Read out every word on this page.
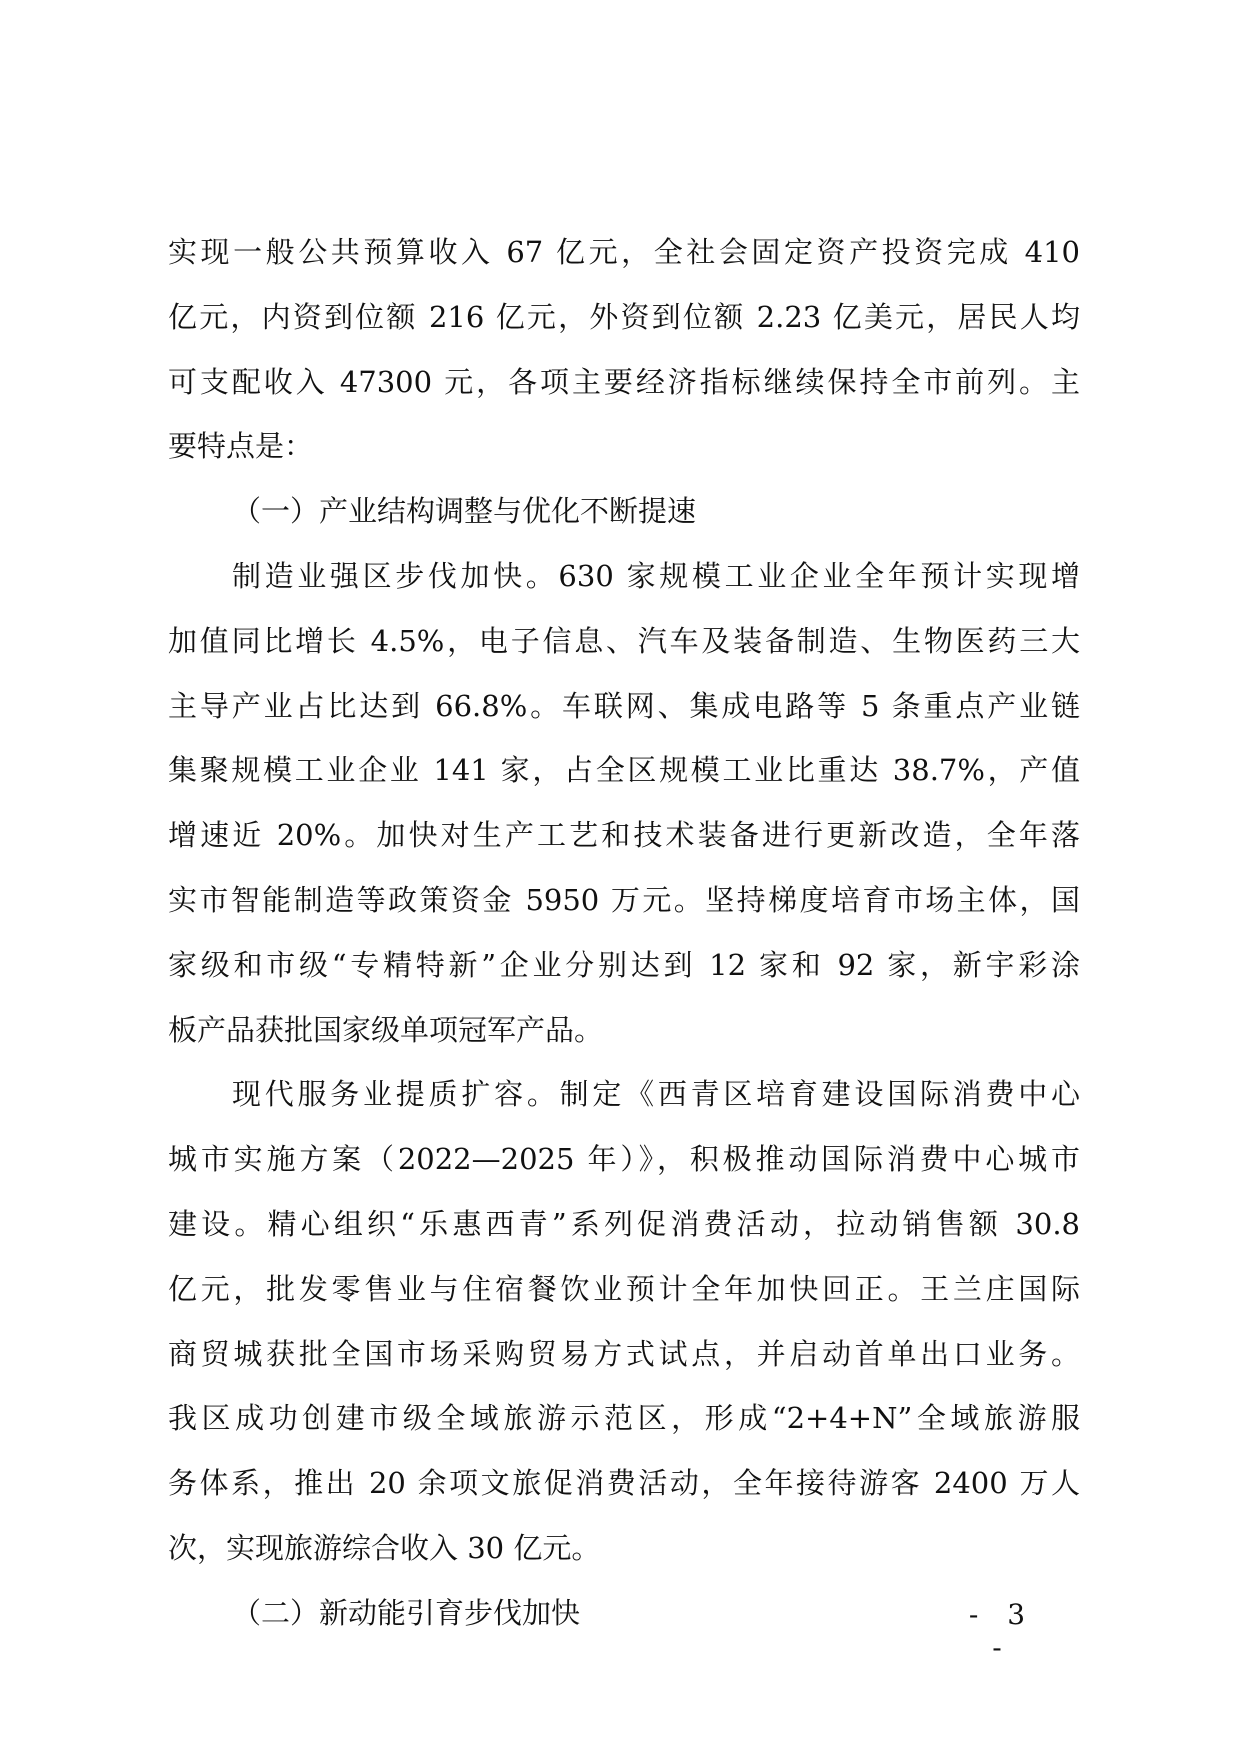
实现一般公共预算收入 67 亿元，全社会固定资产投资完成 410
亿元，内资到位额 216 亿元，外资到位额 2.23 亿美元，居民人均
可支配收入 47300 元，各项主要经济指标继续保持全市前列。主
要特点是：
（一）产业结构调整与优化不断提速
制造业强区步伐加快。630 家规模工业企业全年预计实现增
加值同比增长 4.5%，电子信息、汽车及装备制造、生物医药三大
主导产业占比达到 66.8%。车联网、集成电路等 5 条重点产业链
集聚规模工业企业 141 家，占全区规模工业比重达 38.7%，产值
增速近 20%。加快对生产工艺和技术装备进行更新改造，全年落
实市智能制造等政策资金 5950 万元。坚持梯度培育市场主体，国
家级和市级“专精特新”企业分别达到 12 家和 92 家，新宇彩涂
板产品获批国家级单项冠军产品。
现代服务业提质扩容。制定《西青区培育建设国际消费中心
城市实施方案（2022—2025 年）》，积极推动国际消费中心城市
建设。精心组织“乐惠西青”系列促消费活动，拉动销售额 30.8
亿元，批发零售业与住宿餐饮业预计全年加快回正。王兰庄国际
商贸城获批全国市场采购贸易方式试点，并启动首单出口业务。
我区成功创建市级全域旅游示范区，形成“2+4+N”全域旅游服
务体系，推出 20 余项文旅促消费活动，全年接待游客 2400 万人
次，实现旅游综合收入 30 亿元。
（二）新动能引育步伐加快	- 3 -
